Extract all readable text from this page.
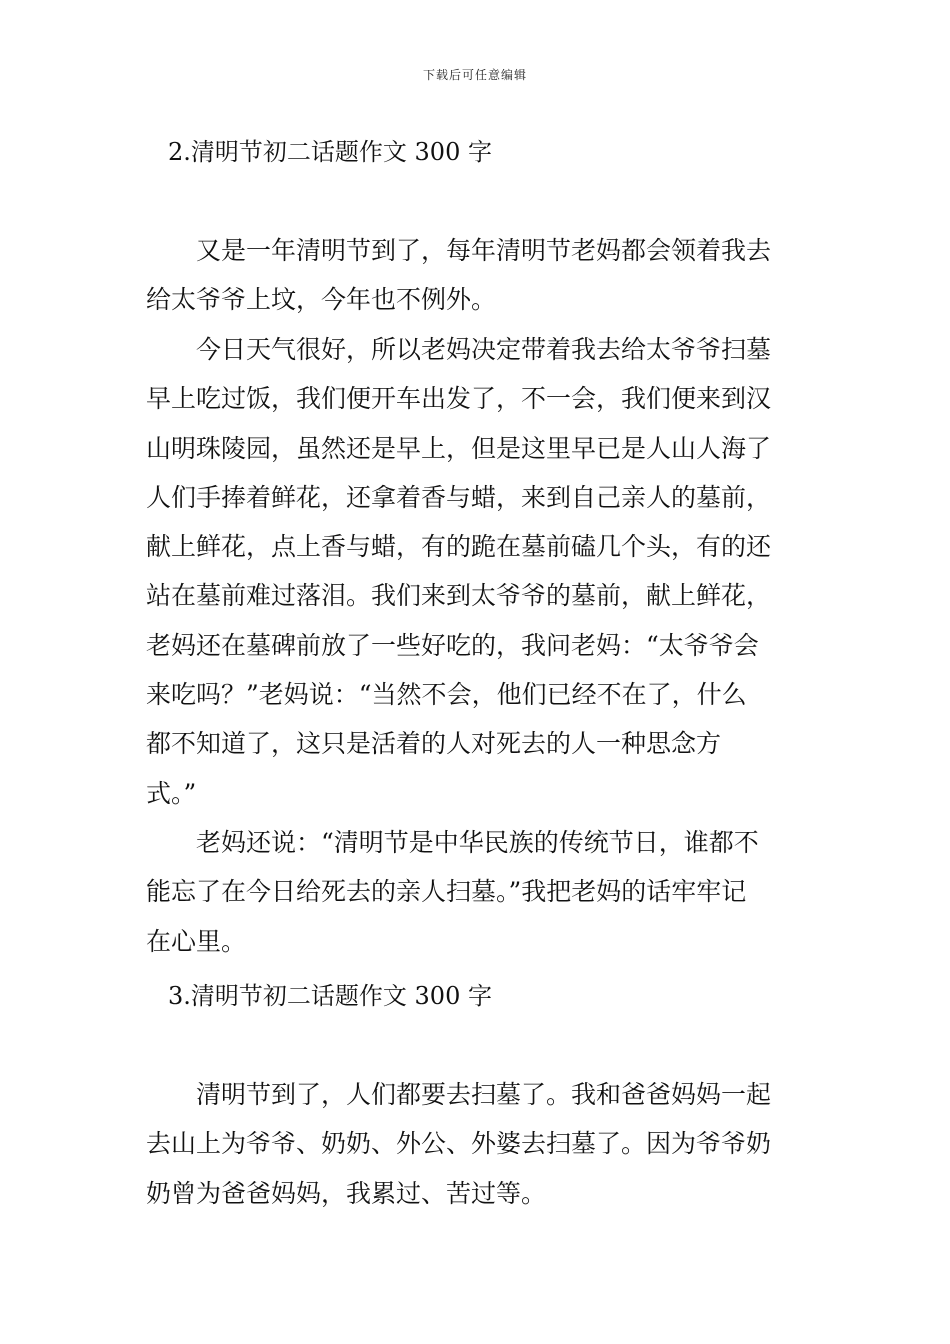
下载后可任意编辑
2.清明节初二话题作文 300 字
又是一年清明节到了，每年清明节老妈都会领着我去
给太爷爷上坟，今年也不例外。
今日天气很好，所以老妈决定带着我去给太爷爷扫墓
早上吃过饭，我们便开车出发了，不一会，我们便来到汉
山明珠陵园，虽然还是早上，但是这里早已是人山人海了
人们手捧着鲜花，还拿着香与蜡，来到自己亲人的墓前，
献上鲜花，点上香与蜡，有的跪在墓前磕几个头，有的还
站在墓前难过落泪。我们来到太爷爷的墓前，献上鲜花，
老妈还在墓碑前放了一些好吃的，我问老妈：“太爷爷会
来吃吗？”老妈说：“当然不会，他们已经不在了，什么
都不知道了，这只是活着的人对死去的人一种思念方
式。”
老妈还说：“清明节是中华民族的传统节日，谁都不
能忘了在今日给死去的亲人扫墓。”我把老妈的话牢牢记
在心里。
3.清明节初二话题作文 300 字
清明节到了，人们都要去扫墓了。我和爸爸妈妈一起
去山上为爷爷、奶奶、外公、外婆去扫墓了。因为爷爷奶
奶曾为爸爸妈妈，我累过、苦过等。
